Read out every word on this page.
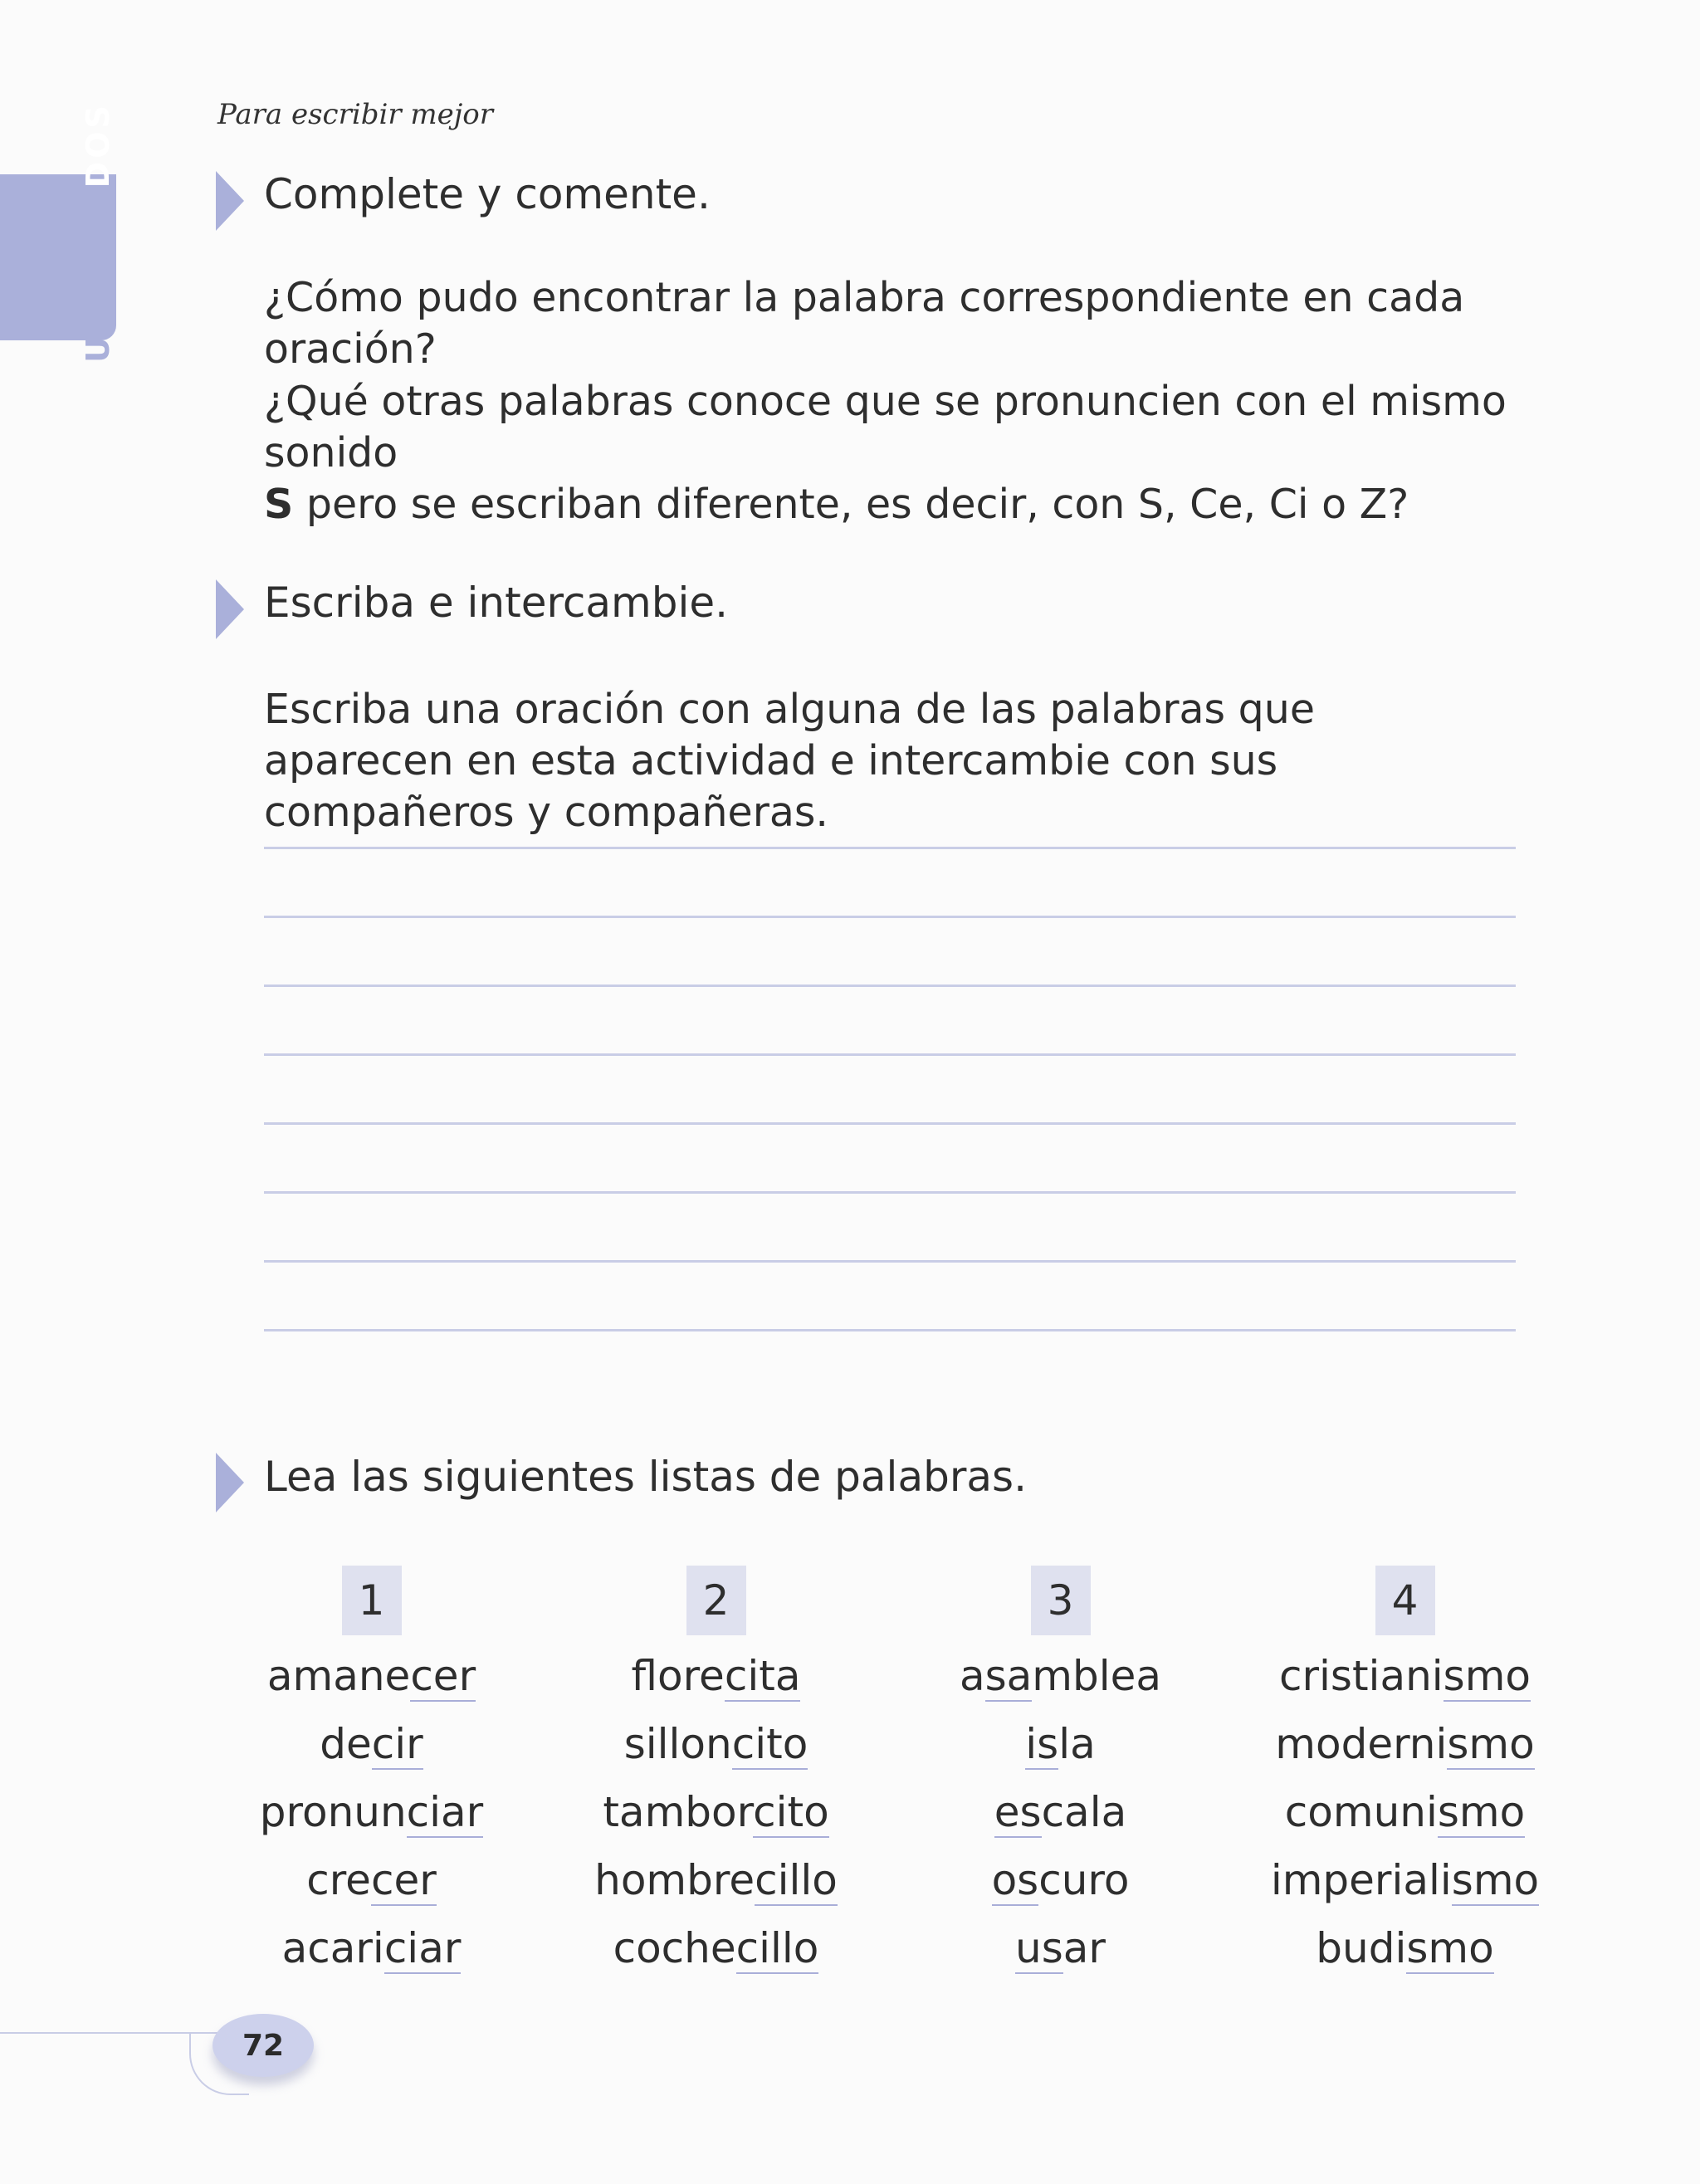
Para escribir mejor
UNIDAD DOS
Complete y comente.
¿Cómo pudo encontrar la palabra correspondiente en cada oración?
¿Qué otras palabras conoce que se pronuncien con el mismo sonido
S pero se escriban diferente, es decir, con S, Ce, Ci o Z?
Escriba e intercambie.
Escriba una oración con alguna de las palabras que aparecen en esta actividad e intercambie con sus compañeros y compañeras.
Lea las siguientes listas de palabras.
1
amanecer
decir
pronunciar
crecer
acariciar
2
florecita
silloncito
tamborcito
hombrecillo
cochecillo
3
asamblea
isla
escala
oscuro
usar
4
cristianismo
modernismo
comunismo
imperialismo
budismo
72
